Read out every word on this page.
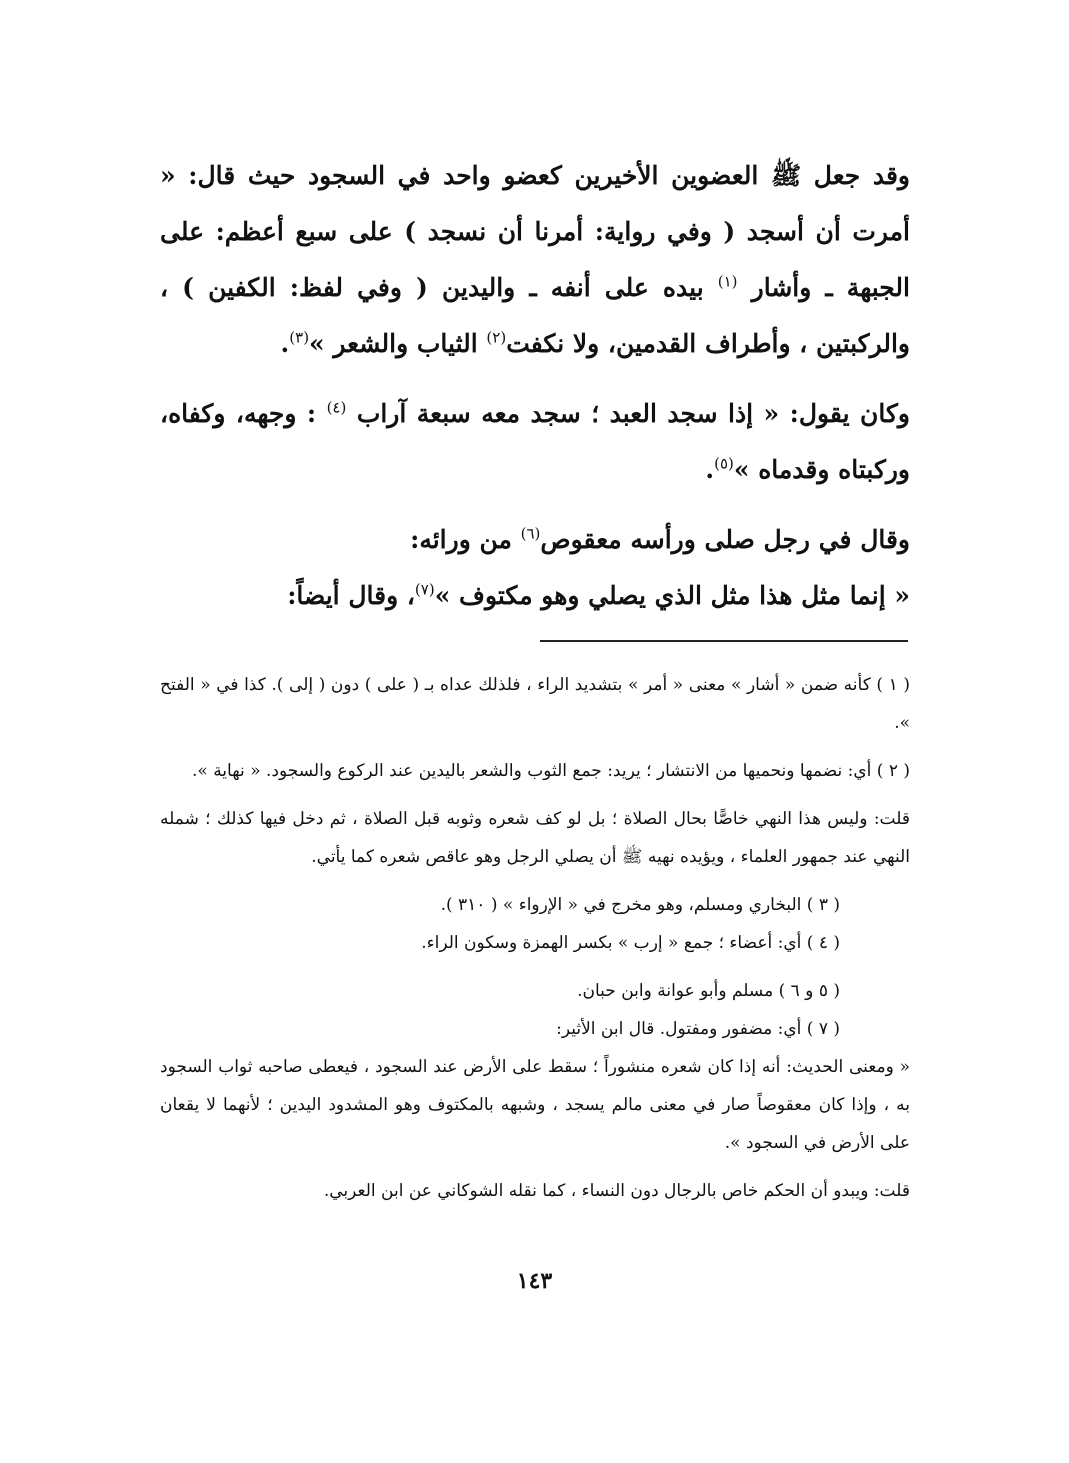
وقد جعل ﷺ العضوين الأخيرين كعضو واحد في السجود حيث قال: « أمرت أن أسجد ( وفي رواية: أمرنا أن نسجد ) على سبع أعظم: على الجبهة ـ وأشار $^{(١)}$ بيده على أنفه ـ واليدين ( وفي لفظ: الكفين ) ، والركبتين ، وأطراف القدمين، ولا نكفت$^{(٢)}$ الثياب والشعر »$^{(٣)}$.

وكان يقول: « إذا سجد العبد ؛ سجد معه سبعة آراب $^{(٤)}$ : وجهه، وكفاه، وركبتاه وقدماه »$^{(٥)}$.

وقال في رجل صلى ورأسه معقوص$^{(٦)}$ من ورائه:

« إنما مثل هذا مثل الذي يصلي وهو مكتوف »$^{(٧)}$، وقال أيضاً:

( ١ ) كأنه ضمن « أشار » معنى « أمر » بتشديد الراء ، فلذلك عداه بـ ( على ) دون ( إلى ). كذا في « الفتح ».

( ٢ ) أي: نضمها ونحميها من الانتشار ؛ يريد: جمع الثوب والشعر باليدين عند الركوع والسجود. « نهاية ».

قلت: وليس هذا النهي خاصًّا بحال الصلاة ؛ بل لو كف شعره وثوبه قبل الصلاة ، ثم دخل فيها كذلك ؛ شمله النهي عند جمهور العلماء ، ويؤيده نهيه ﷺ أن يصلي الرجل وهو عاقص شعره كما يأتي.

( ٣ ) البخاري ومسلم، وهو مخرج في « الإرواء » ( ٣١٠ ).

( ٤ ) أي: أعضاء ؛ جمع « إرب » بكسر الهمزة وسكون الراء.

( ٥ و ٦ ) مسلم وأبو عوانة وابن حبان.

( ٧ ) أي: مضفور ومفتول. قال ابن الأثير:

« ومعنى الحديث: أنه إذا كان شعره منشوراً ؛ سقط على الأرض عند السجود ، فيعطى صاحبه ثواب السجود به ، وإذا كان معقوصاً صار في معنى مالم يسجد ، وشبهه بالمكتوف وهو المشدود اليدين ؛ لأنهما لا يقعان على الأرض في السجود ».

قلت: ويبدو أن الحكم خاص بالرجال دون النساء ، كما نقله الشوكاني عن ابن العربي.

١٤٣
